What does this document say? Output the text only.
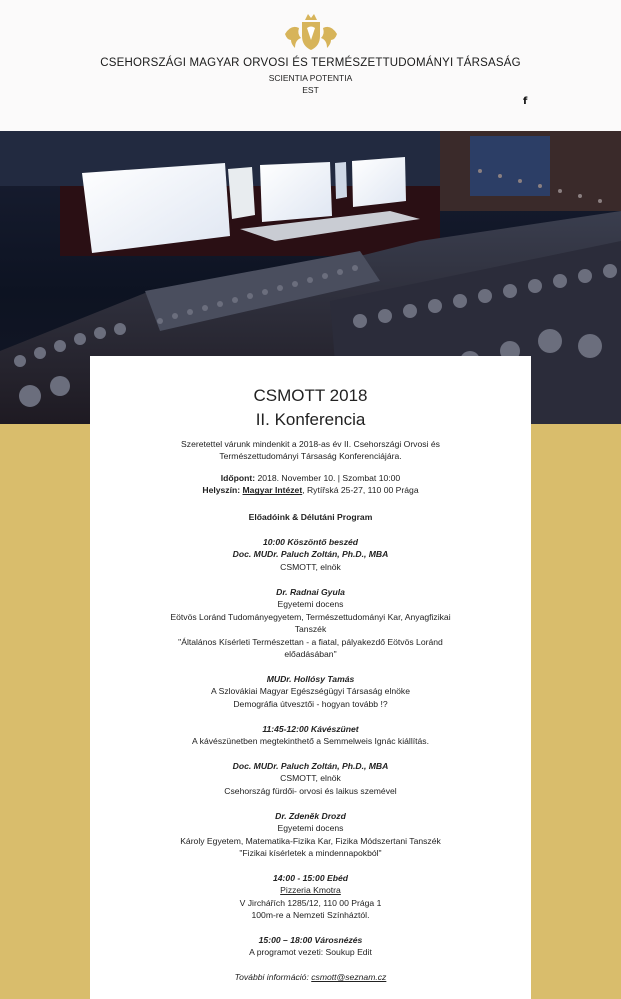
CSEHORSZÁGI MAGYAR ORVOSI ÉS TERMÉSZETTUDOMÁNYI TÁRSASÁG
SCIENTIA POTENTIA
EST
f
CSMOTT 2018
II. Konferencia
Szeretettel várunk mindenkit a 2018-as év II. Csehországi Orvosi és
Természettudományi Társaság Konferenciájára.
Időpont: 2018. November 10. | Szombat 10:00
Helyszín: Magyar Intézet, Rytířská 25-27, 110 00 Prága
Előadóink & Délutáni Program
10:00 Köszöntő beszéd
Doc. MUDr. Paluch Zoltán, Ph.D., MBA
CSMOTT, elnök
Dr. Radnai Gyula
Egyetemi docens
Eötvös Loránd Tudományegyetem, Természettudományi Kar, Anyagfizikai
Tanszék
"Általános Kísérleti Természettan - a fiatal, pályakezdő Eötvös Loránd
előadásában"
MUDr. Hollósy Tamás
A Szlovákiai Magyar Egészségügyi Társaság elnöke
Demográfia útvesztői - hogyan tovább !?
11:45-12:00 Kávészünet
A kávészünetben megtekinthető a Semmelweis Ignác kiállítás.
Doc. MUDr. Paluch Zoltán, Ph.D., MBA
CSMOTT, elnök
Csehország fürdői- orvosi és laikus szemével
Dr. Zdeněk Drozd
Egyetemi docens
Károly Egyetem, Matematika-Fizika Kar, Fizika Módszertani Tanszék
"Fizikai kísérletek a mindennapokból"
14:00 - 15:00 Ebéd
Pizzeria Kmotra
V Jirchářích 1285/12, 110 00 Prága 1
100m-re a Nemzeti Színháztól.
15:00 – 18:00 Városnézés
A programot vezeti: Soukup Edit
További információ: csmott@seznam.cz
